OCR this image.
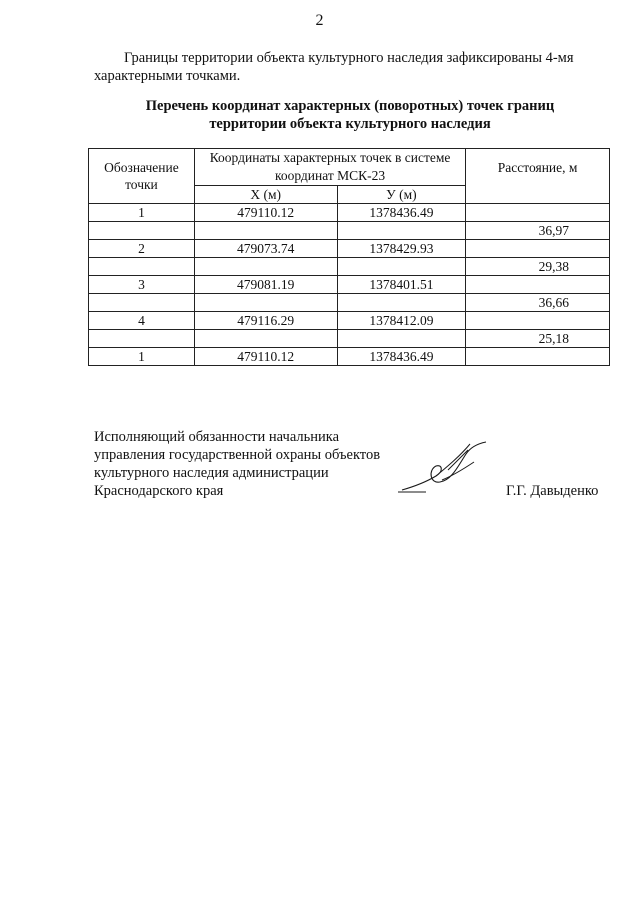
2
Границы территории объекта культурного наследия зафиксированы 4-мя характерными точками.
Перечень координат характерных (поворотных) точек границ
территории объекта культурного наследия
Обозначение точки	Координаты характерных точек в системе координат МСК-23		Расстояние, м
	Х (м)	У (м)	
1	479110.12	1378436.49	
			36,97
2	479073.74	1378429.93	
			29,38
3	479081.19	1378401.51	
			36,66
4	479116.29	1378412.09	
			25,18
1	479110.12	1378436.49	
Исполняющий обязанности начальника
управления государственной охраны объектов
культурного наследия администрации
Краснодарского края	Г.Г. Давыденко
